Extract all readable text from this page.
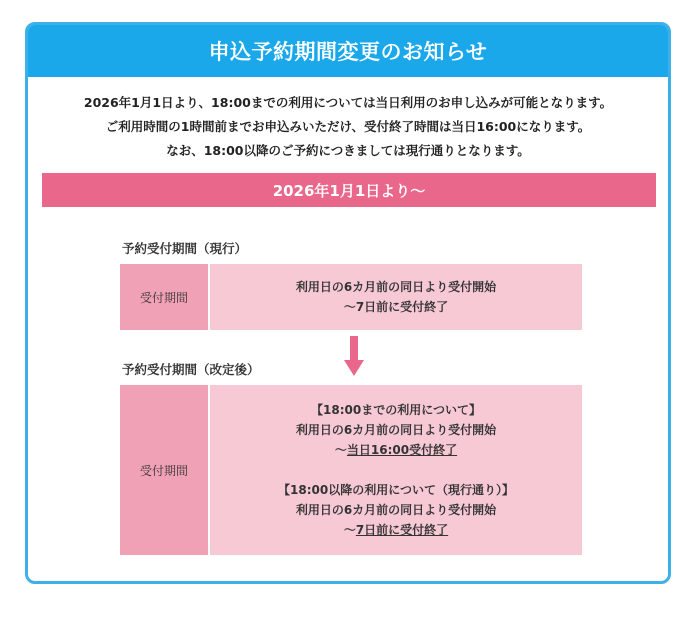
申込予約期間変更のお知らせ
2026年1月1日より、18:00までの利用については当日利用のお申し込みが可能となります。
ご利用時間の1時間前までお申込みいただけ、受付終了時間は当日16:00になります。
なお、18:00以降のご予約につきましては現行通りとなります。
2026年1月1日より〜
予約受付期間（現行）
受付期間
利用日の6カ月前の同日より受付開始
〜7日前に受付終了
予約受付期間（改定後）
受付期間
【18:00までの利用について】
利用日の6カ月前の同日より受付開始
〜当日16:00受付終了
【18:00以降の利用について（現行通り）】
利用日の6カ月前の同日より受付開始
〜7日前に受付終了
